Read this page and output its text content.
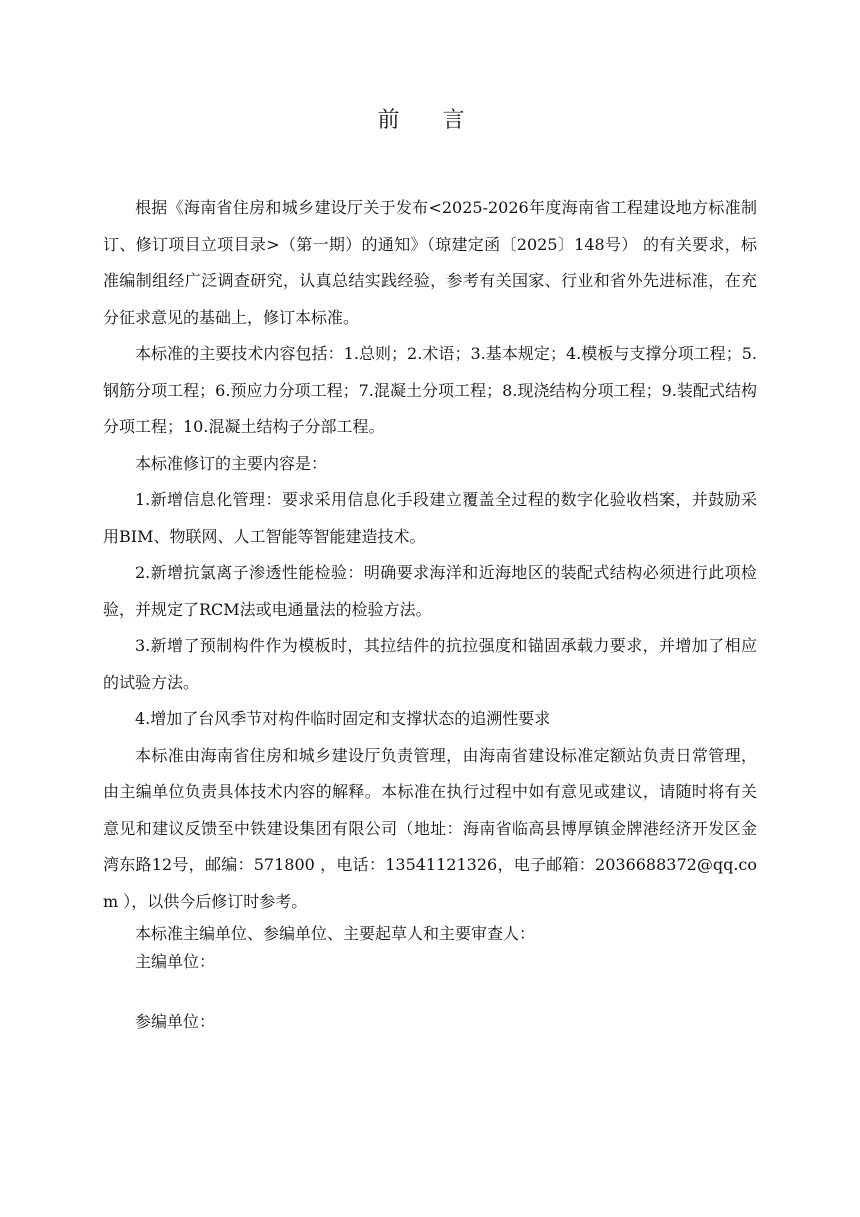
前 言

根据《海南省住房和城乡建设厅关于发布<2025-2026年度海南省工程建设地方标准制订、修订项目立项目录>（第一期）的通知》（琼建定函〔2025〕148号） 的有关要求，标准编制组经广泛调查研究，认真总结实践经验，参考有关国家、行业和省外先进标准，在充分征求意见的基础上，修订本标准。

本标准的主要技术内容包括：1.总则；2.术语；3.基本规定；4.模板与支撑分项工程；5.钢筋分项工程；6.预应力分项工程；7.混凝土分项工程；8.现浇结构分项工程；9.装配式结构分项工程；10.混凝土结构子分部工程。

本标准修订的主要内容是：

1.新增信息化管理：要求采用信息化手段建立覆盖全过程的数字化验收档案，并鼓励采用BIM、物联网、人工智能等智能建造技术。

2.新增抗氯离子渗透性能检验：明确要求海洋和近海地区的装配式结构必须进行此项检验，并规定了RCM法或电通量法的检验方法。

3.新增了预制构件作为模板时，其拉结件的抗拉强度和锚固承载力要求，并增加了相应的试验方法。

4.增加了台风季节对构件临时固定和支撑状态的追溯性要求

本标准由海南省住房和城乡建设厅负责管理，由海南省建设标准定额站负责日常管理，由主编单位负责具体技术内容的解释。本标准在执行过程中如有意见或建议，请随时将有关意见和建议反馈至中铁建设集团有限公司（地址：海南省临高县博厚镇金牌港经济开发区金湾东路12号，邮编：571800 ，电话：13541121326，电子邮箱：2036688372@qq.com ），以供今后修订时参考。

本标准主编单位、参编单位、主要起草人和主要审查人：

主编单位：

参编单位：
